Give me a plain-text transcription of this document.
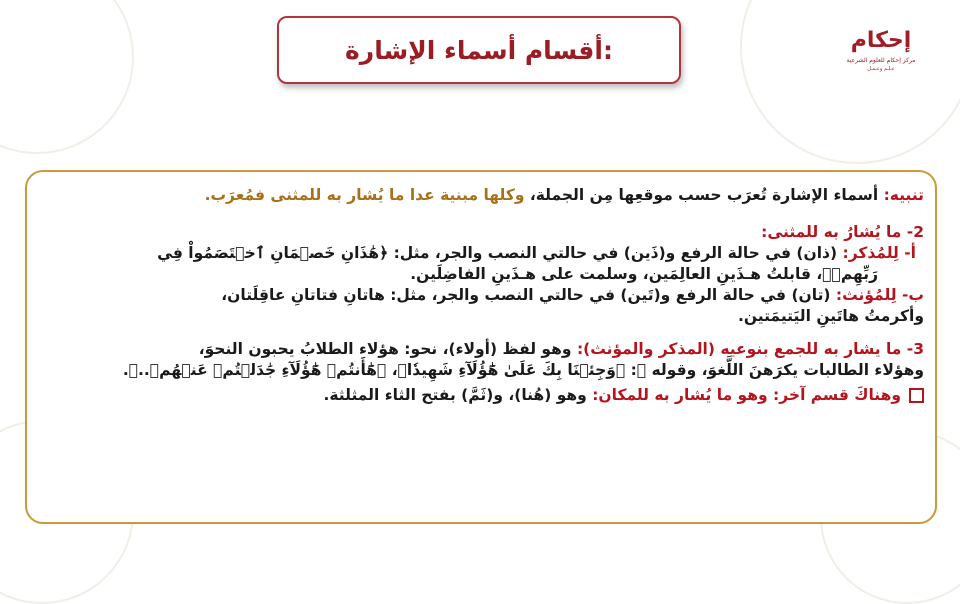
أقسام أسماء الإشارة:	إحكام
مركز إحكام للعلوم الشرعية
عـلـم وعـمـل

تنبيه: أسماء الإشارة تُعرَب حسب موقعِها مِن الجملة، وكلها مبنية عدا ما يُشار به للمثنى فمُعرَب.

2- ما يُشارُ به للمثنى:

أ- لِلمُذكر: (ذان) في حالة الرفع و(ذَين) في حالتي النصب والجر، مثل: ﴿هَٰذَانِ خَصۡمَانِ ٱخۡتَصَمُواْ فِي

رَبِّهِمۡ﴾، قابلتُ هـذَينِ العالِمَين، وسلمت على هـذَينِ الفاضِلَين.

ب- لِلمُؤنث: (تان) في حالة الرفع و(تَين) في حالتي النصب والجر، مثل: هاتانِ فتاتانِ عاقِلَتان،

وأكرمتُ هاتَينِ اليَتيمَتين.

3- ما يشار به للجمع بنوعيه (المذكر والمؤنث): وهو لفظ (أولاء)، نحو: هؤلاء الطلابُ يحبون النحوَ،

وهؤلاء الطالبات يكرَهنَ اللَّغوَ، وقوله ﷻ: ﴿وَجِئۡنَا بِكَ عَلَىٰ هَٰٓؤُلَآءِ شَهِيدٗا﴾، ﴿هَٰٓأَنتُمۡ هَٰٓؤُلَآءِ جَٰدَلۡتُمۡ عَنۡهُمۡ..﴾.

وهناكَ قسم آخر: وهو ما يُشار به للمكان: وهو (هُنا)، و(ثَمَّ) بفتح الثاء المثلثة.
